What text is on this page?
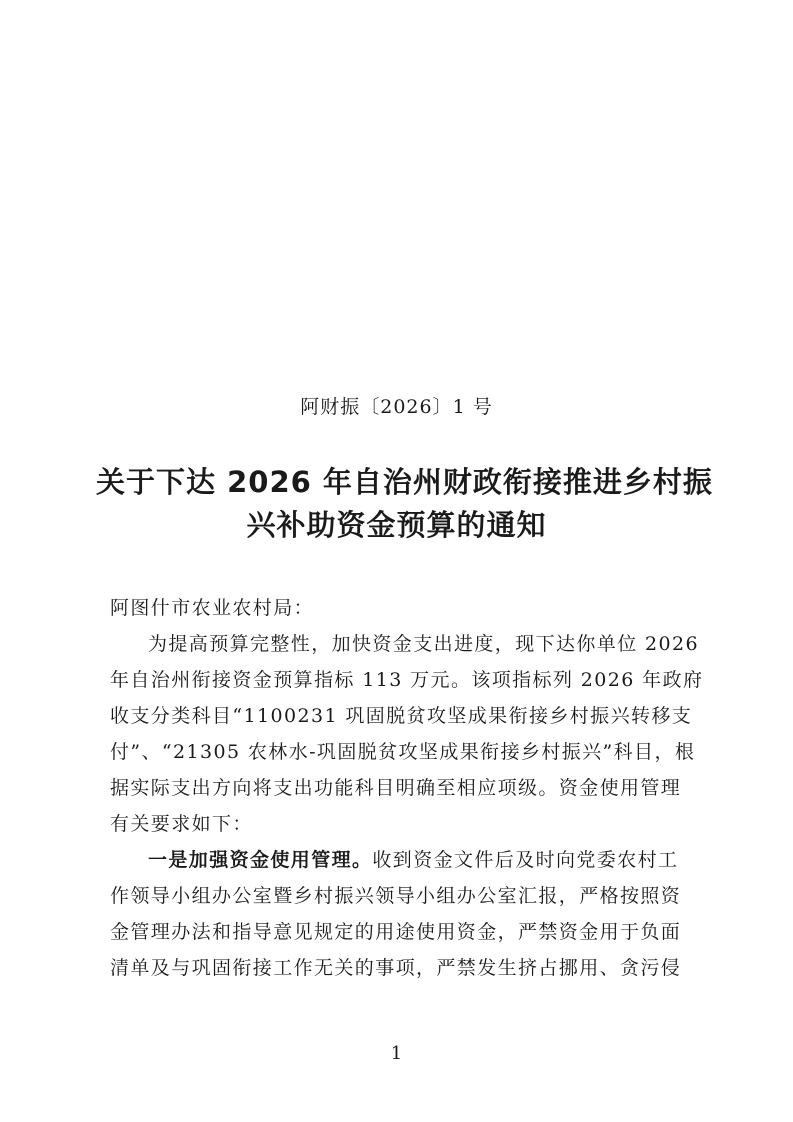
阿财振〔2026〕1 号
关于下达 2026 年自治州财政衔接推进乡村振
兴补助资金预算的通知
阿图什市农业农村局：
为提高预算完整性，加快资金支出进度，现下达你单位 2026
年自治州衔接资金预算指标 113 万元。该项指标列 2026 年政府
收支分类科目“1100231 巩固脱贫攻坚成果衔接乡村振兴转移支
付”、“21305 农林水-巩固脱贫攻坚成果衔接乡村振兴”科目，根
据实际支出方向将支出功能科目明确至相应项级。资金使用管理
有关要求如下：
一是加强资金使用管理。收到资金文件后及时向党委农村工
作领导小组办公室暨乡村振兴领导小组办公室汇报，严格按照资
金管理办法和指导意见规定的用途使用资金，严禁资金用于负面
清单及与巩固衔接工作无关的事项，严禁发生挤占挪用、贪污侵
1
